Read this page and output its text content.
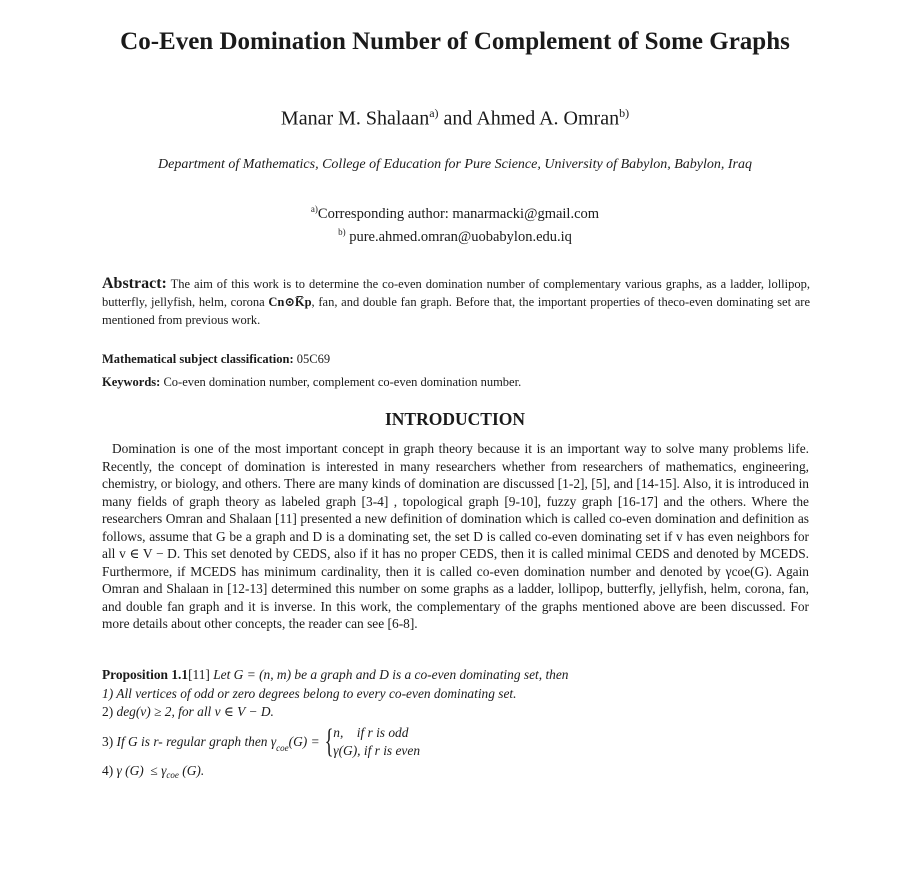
Co-Even Domination Number of Complement of Some Graphs
Manar M. Shalaan$^{a)}$ and Ahmed A. Omran$^{b)}$
Department of Mathematics, College of Education for Pure Science, University of Babylon, Babylon, Iraq
$^{a)}$Corresponding author: manarmacki@gmail.com
$^{b)}$ pure.ahmed.omran@uobabylon.edu.iq
Abstract: The aim of this work is to determine the co-even domination number of complementary various graphs, as a ladder, lollipop, butterfly, jellyfish, helm, corona Cn⊙K̅p, fan, and double fan graph. Before that, the important properties of theco-even dominating set are mentioned from previous work.
Mathematical subject classification: 05C69
Keywords: Co-even domination number, complement co-even domination number.
INTRODUCTION

Domination is one of the most important concept in graph theory because it is an important way to solve many problems life. Recently, the concept of domination is interested in many researchers whether from researchers of mathematics, engineering, chemistry, or biology, and others. There are many kinds of domination are discussed [1-2], [5], and [14-15]. Also, it is introduced in many fields of graph theory as labeled graph [3-4] , topological graph [9-10], fuzzy graph [16-17] and the others. Where the researchers Omran and Shalaan [11] presented a new definition of domination which is called co-even domination and definition as follows, assume that G be a graph and D is a dominating set, the set D is called co-even dominating set if v has even neighbors for all v ∈ V − D. This set denoted by CEDS, also if it has no proper CEDS, then it is called minimal CEDS and denoted by MCEDS. Furthermore, if MCEDS has minimum cardinality, then it is called co-even domination number and denoted by γcoe(G). Again Omran and Shalaan in [12-13] determined this number on some graphs as a ladder, lollipop, butterfly, jellyfish, helm, corona, fan, and double fan graph and it is inverse. In this work, the complementary of the graphs mentioned above are been discussed. For more details about other concepts, the reader can see [6-8].

Proposition 1.1[11] Let G = (n, m) be a graph and D is a co-even dominating set, then
1) All vertices of odd or zero degrees belong to every co-even dominating set.
2) deg(v) ≥ 2, for all v ∈ V − D.
3) If G is r- regular graph then $\gamma_{coe}(G)$ = { n,    if r is odd
γ(G), if r is even
4) γ $(G) \le \gamma_{coe}$ (G).
